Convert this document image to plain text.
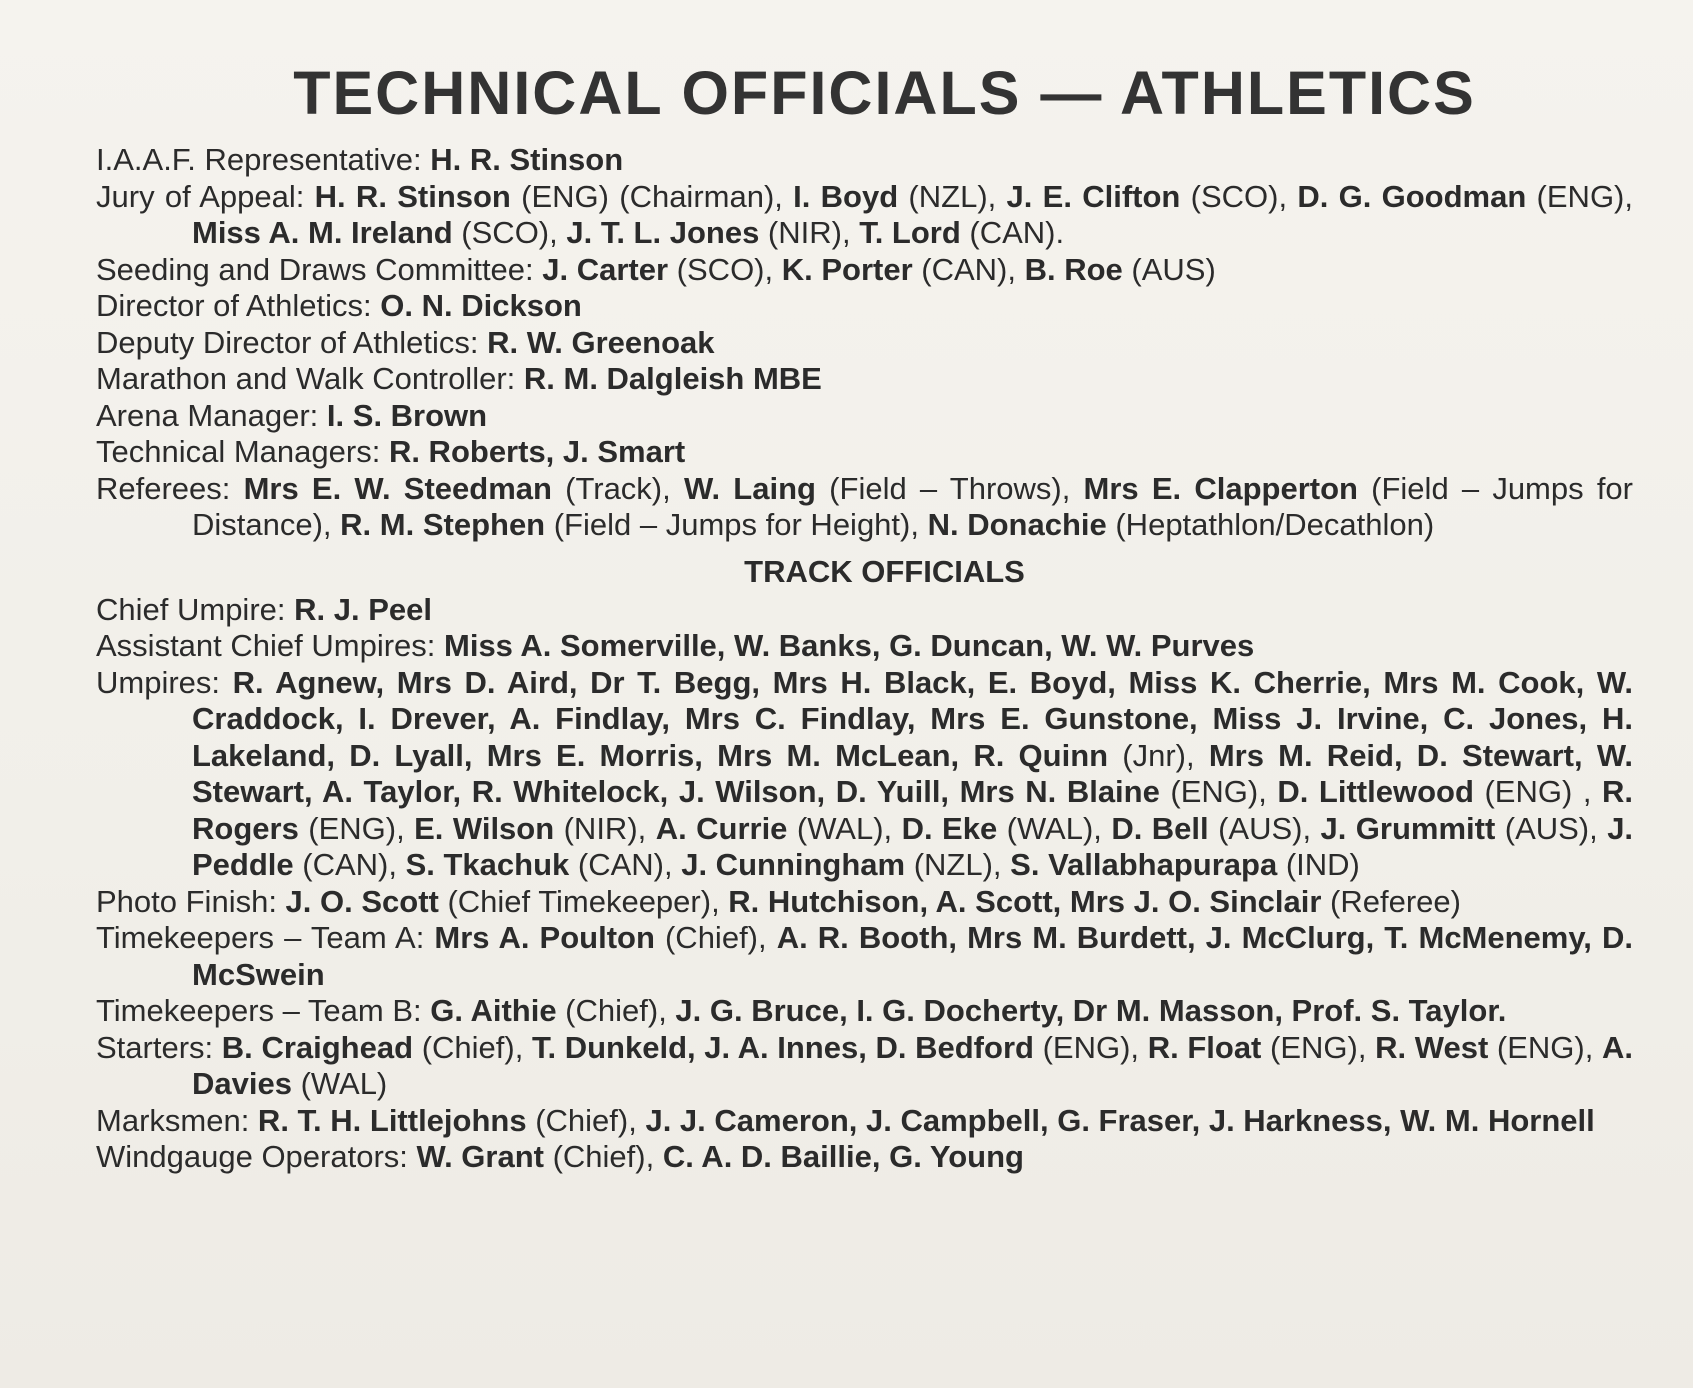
TECHNICAL OFFICIALS — ATHLETICS

I.A.A.F. Representative: H. R. Stinson

Jury of Appeal: H. R. Stinson (ENG) (Chairman), I. Boyd (NZL), J. E. Clifton (SCO), D. G. Goodman (ENG), Miss A. M. Ireland (SCO), J. T. L. Jones (NIR), T. Lord (CAN).

Seeding and Draws Committee: J. Carter (SCO), K. Porter (CAN), B. Roe (AUS)

Director of Athletics: O. N. Dickson

Deputy Director of Athletics: R. W. Greenoak

Marathon and Walk Controller: R. M. Dalgleish MBE

Arena Manager: I. S. Brown

Technical Managers: R. Roberts, J. Smart

Referees: Mrs E. W. Steedman (Track), W. Laing (Field – Throws), Mrs E. Clapperton (Field – Jumps for Distance), R. M. Stephen (Field – Jumps for Height), N. Donachie (Heptathlon/Decathlon)

TRACK OFFICIALS

Chief Umpire: R. J. Peel

Assistant Chief Umpires: Miss A. Somerville, W. Banks, G. Duncan, W. W. Purves

Umpires: R. Agnew, Mrs D. Aird, Dr T. Begg, Mrs H. Black, E. Boyd, Miss K. Cherrie, Mrs M. Cook, W. Craddock, I. Drever, A. Findlay, Mrs C. Findlay, Mrs E. Gunstone, Miss J. Irvine, C. Jones, H. Lakeland, D. Lyall, Mrs E. Morris, Mrs M. McLean, R. Quinn (Jnr), Mrs M. Reid, D. Stewart, W. Stewart, A. Taylor, R. Whitelock, J. Wilson, D. Yuill, Mrs N. Blaine (ENG), D. Littlewood (ENG) , R. Rogers (ENG), E. Wilson (NIR), A. Currie (WAL), D. Eke (WAL), D. Bell (AUS), J. Grummitt (AUS), J. Peddle (CAN), S. Tkachuk (CAN), J. Cunningham (NZL), S. Vallabhapurapa (IND)

Photo Finish: J. O. Scott (Chief Timekeeper), R. Hutchison, A. Scott, Mrs J. O. Sinclair (Referee)

Timekeepers – Team A: Mrs A. Poulton (Chief), A. R. Booth, Mrs M. Burdett, J. McClurg, T. McMenemy, D. McSwein

Timekeepers – Team B: G. Aithie (Chief), J. G. Bruce, I. G. Docherty, Dr M. Masson, Prof. S. Taylor.

Starters: B. Craighead (Chief), T. Dunkeld, J. A. Innes, D. Bedford (ENG), R. Float (ENG), R. West (ENG), A. Davies (WAL)

Marksmen: R. T. H. Littlejohns (Chief), J. J. Cameron, J. Campbell, G. Fraser, J. Harkness, W. M. Hornell

Windgauge Operators: W. Grant (Chief), C. A. D. Baillie, G. Young
